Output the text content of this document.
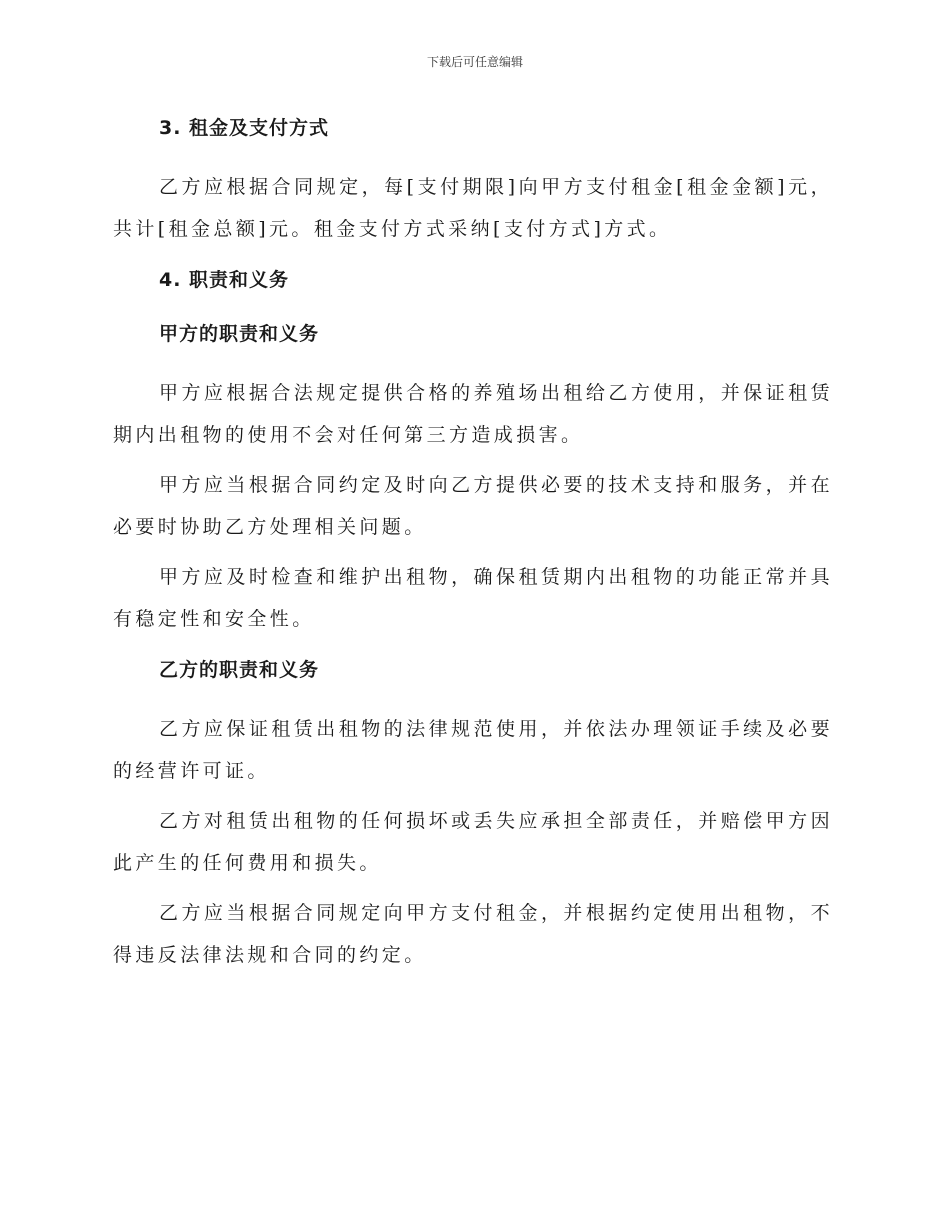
下载后可任意编辑
3. 租金及支付方式

乙方应根据合同规定，每[支付期限]向甲方支付租金[租金金额]元，共计[租金总额]元。租金支付方式采纳[支付方式]方式。

4. 职责和义务
甲方的职责和义务

甲方应根据合法规定提供合格的养殖场出租给乙方使用，并保证租赁期内出租物的使用不会对任何第三方造成损害。

甲方应当根据合同约定及时向乙方提供必要的技术支持和服务，并在必要时协助乙方处理相关问题。

甲方应及时检查和维护出租物，确保租赁期内出租物的功能正常并具有稳定性和安全性。

乙方的职责和义务

乙方应保证租赁出租物的法律规范使用，并依法办理领证手续及必要的经营许可证。

乙方对租赁出租物的任何损坏或丢失应承担全部责任，并赔偿甲方因此产生的任何费用和损失。

乙方应当根据合同规定向甲方支付租金，并根据约定使用出租物，不得违反法律法规和合同的约定。
